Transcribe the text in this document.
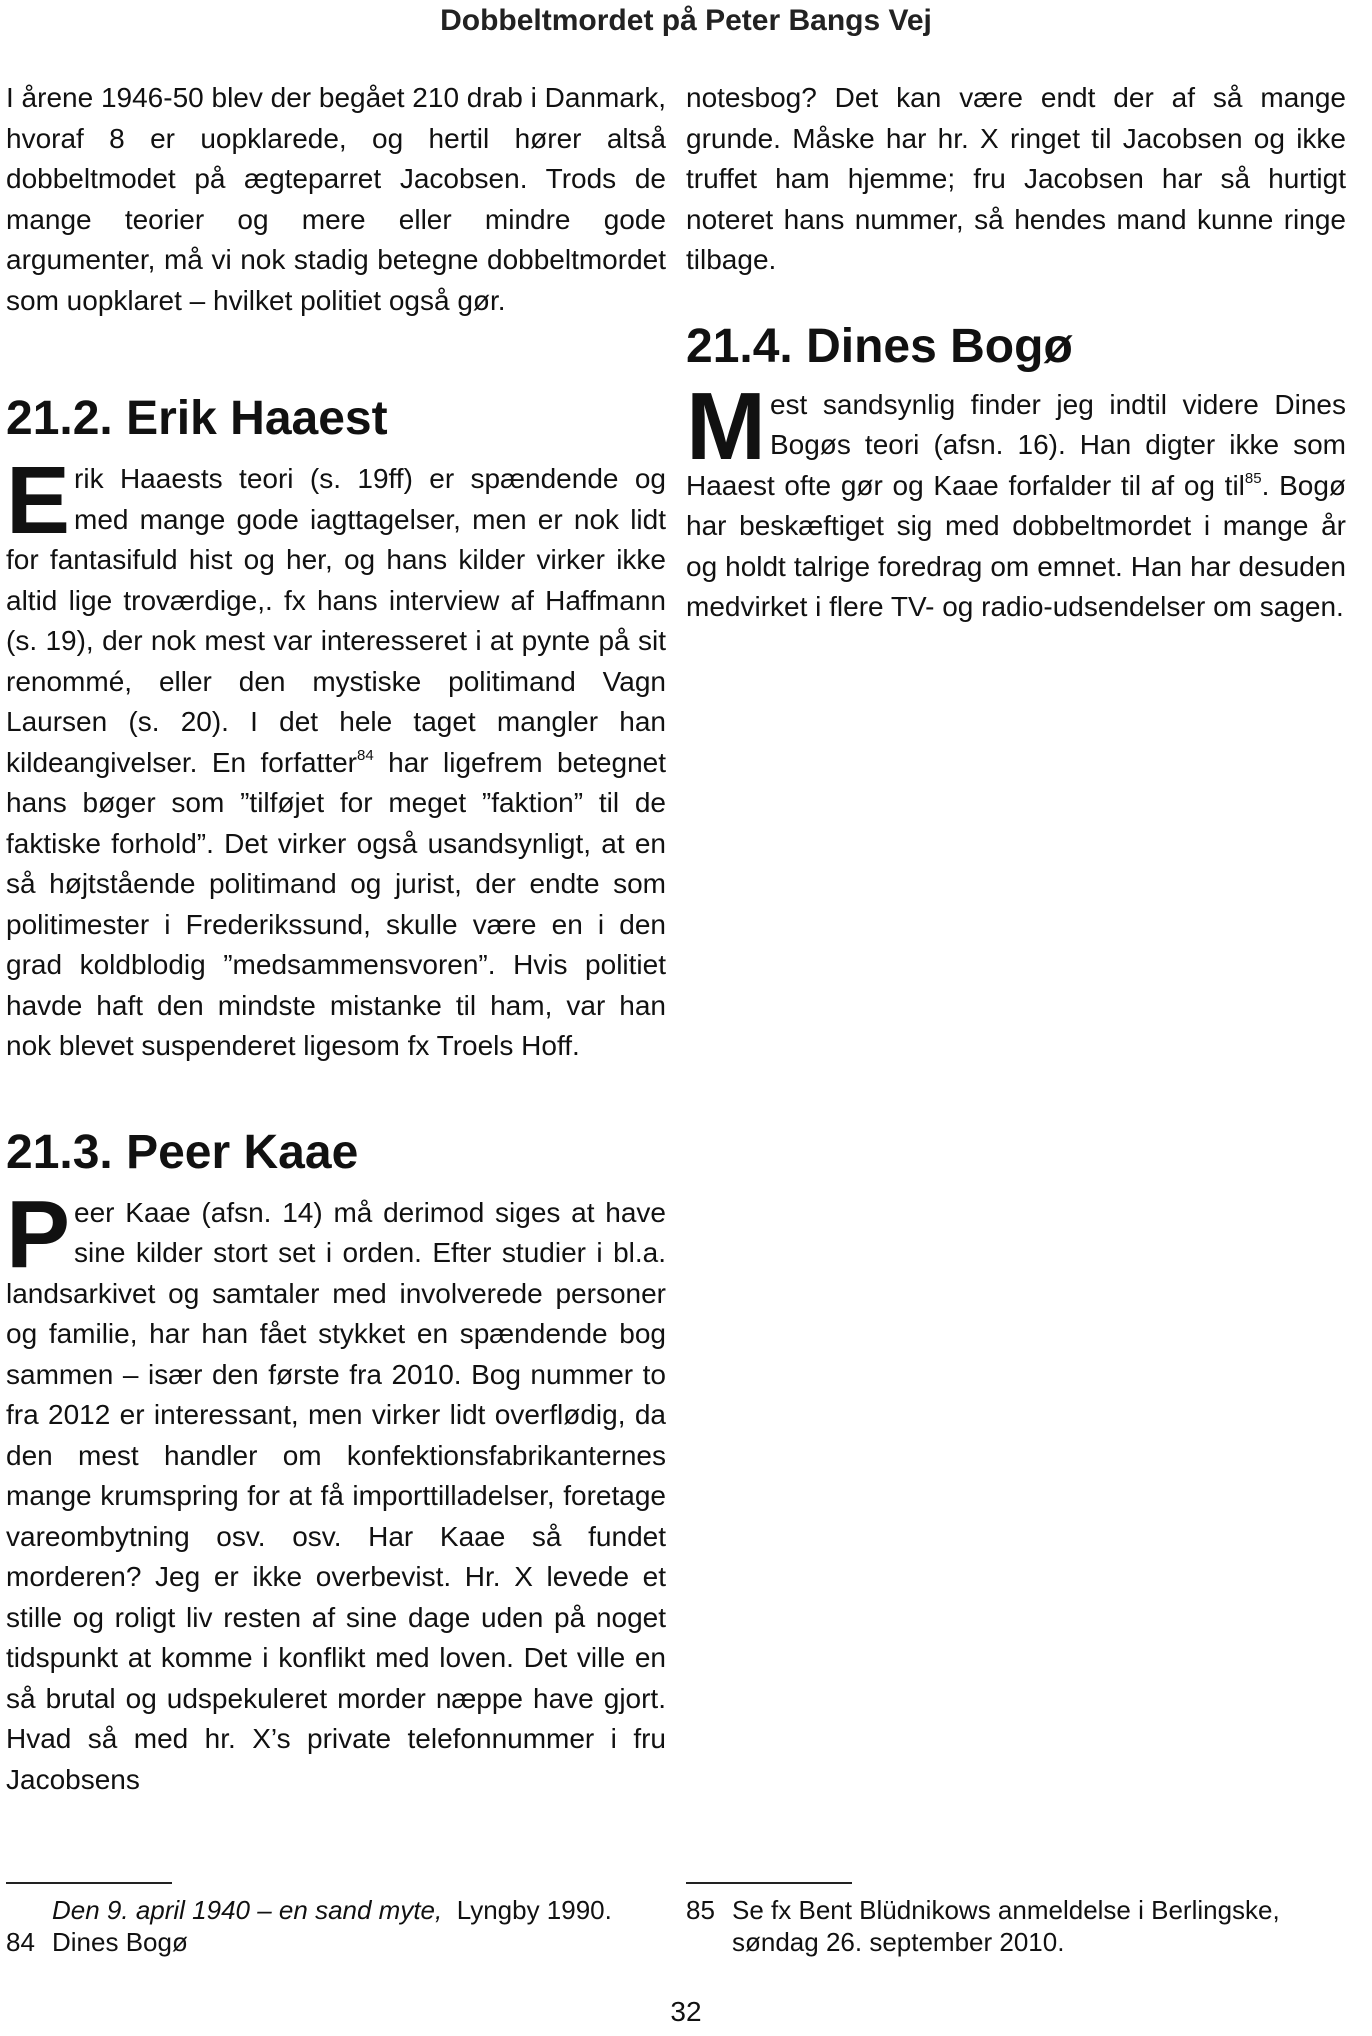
Dobbeltmordet på Peter Bangs Vej

I årene 1946-50 blev der begået 210 drab i Danmark, hvoraf 8 er uopklarede, og hertil hører altså dobbeltmodet på ægteparret Jacobsen. Trods de mange teorier og mere eller mindre gode argumenter, må vi nok stadig betegne dobbeltmordet som uopklaret – hvilket politiet også gør.

21.2. Erik Haaest

Erik Haaests teori (s. 19ff) er spændende og med mange gode iagttagelser, men er nok lidt for fantasifuld hist og her, og hans kilder virker ikke altid lige troværdige,. fx hans interview af Haffmann (s. 19), der nok mest var interesseret i at pynte på sit renommé, eller den mystiske politimand Vagn Laursen (s. 20). I det hele taget mangler han kildeangivelser. En forfatter$^{84}$ har ligefrem betegnet hans bøger som ”tilføjet for meget ”faktion” til de faktiske forhold”. Det virker også usandsynligt, at en så højtstående politimand og jurist, der endte som politimester i Frederikssund, skulle være en i den grad koldblodig ”medsammensvoren”. Hvis politiet havde haft den mindste mistanke til ham, var han nok blevet suspenderet ligesom fx Troels Hoff.

21.3. Peer Kaae

Peer Kaae (afsn. 14) må derimod siges at have sine kilder stort set i orden. Efter studier i bl.a. landsarkivet og samtaler med involverede personer og familie, har han fået stykket en spændende bog sammen – især den første fra 2010. Bog nummer to fra 2012 er interessant, men virker lidt overflødig, da den mest handler om konfektionsfabrikanternes mange krumspring for at få importtilladelser, foretage vareombytning osv. osv. Har Kaae så fundet morderen? Jeg er ikke overbevist. Hr. X levede et stille og roligt liv resten af sine dage uden på noget tidspunkt at komme i konflikt med loven. Det ville en så brutal og udspekuleret morder næppe have gjort. Hvad så med hr. X’s private telefonnummer i fru Jacobsens

notesbog? Det kan være endt der af så mange grunde. Måske har hr. X ringet til Jacobsen og ikke truffet ham hjemme; fru Jacobsen har så hurtigt noteret hans nummer, så hendes mand kunne ringe tilbage.

21.4. Dines Bogø

Mest sandsynlig finder jeg indtil videre Dines Bogøs teori (afsn. 16). Han digter ikke som Haaest ofte gør og Kaae forfalder til af og til$^{85}$. Bogø har beskæftiget sig med dobbeltmordet i mange år og holdt talrige foredrag om emnet. Han har desuden medvirket i flere TV- og radio-udsendelser om sagen.

Den 9. april 1940 – en sand myte, Lyngby 1990.
84 Dines Bogø
85 Se fx Bent Blüdnikows anmeldelse i Berlingske,
søndag 26. september 2010.
32
